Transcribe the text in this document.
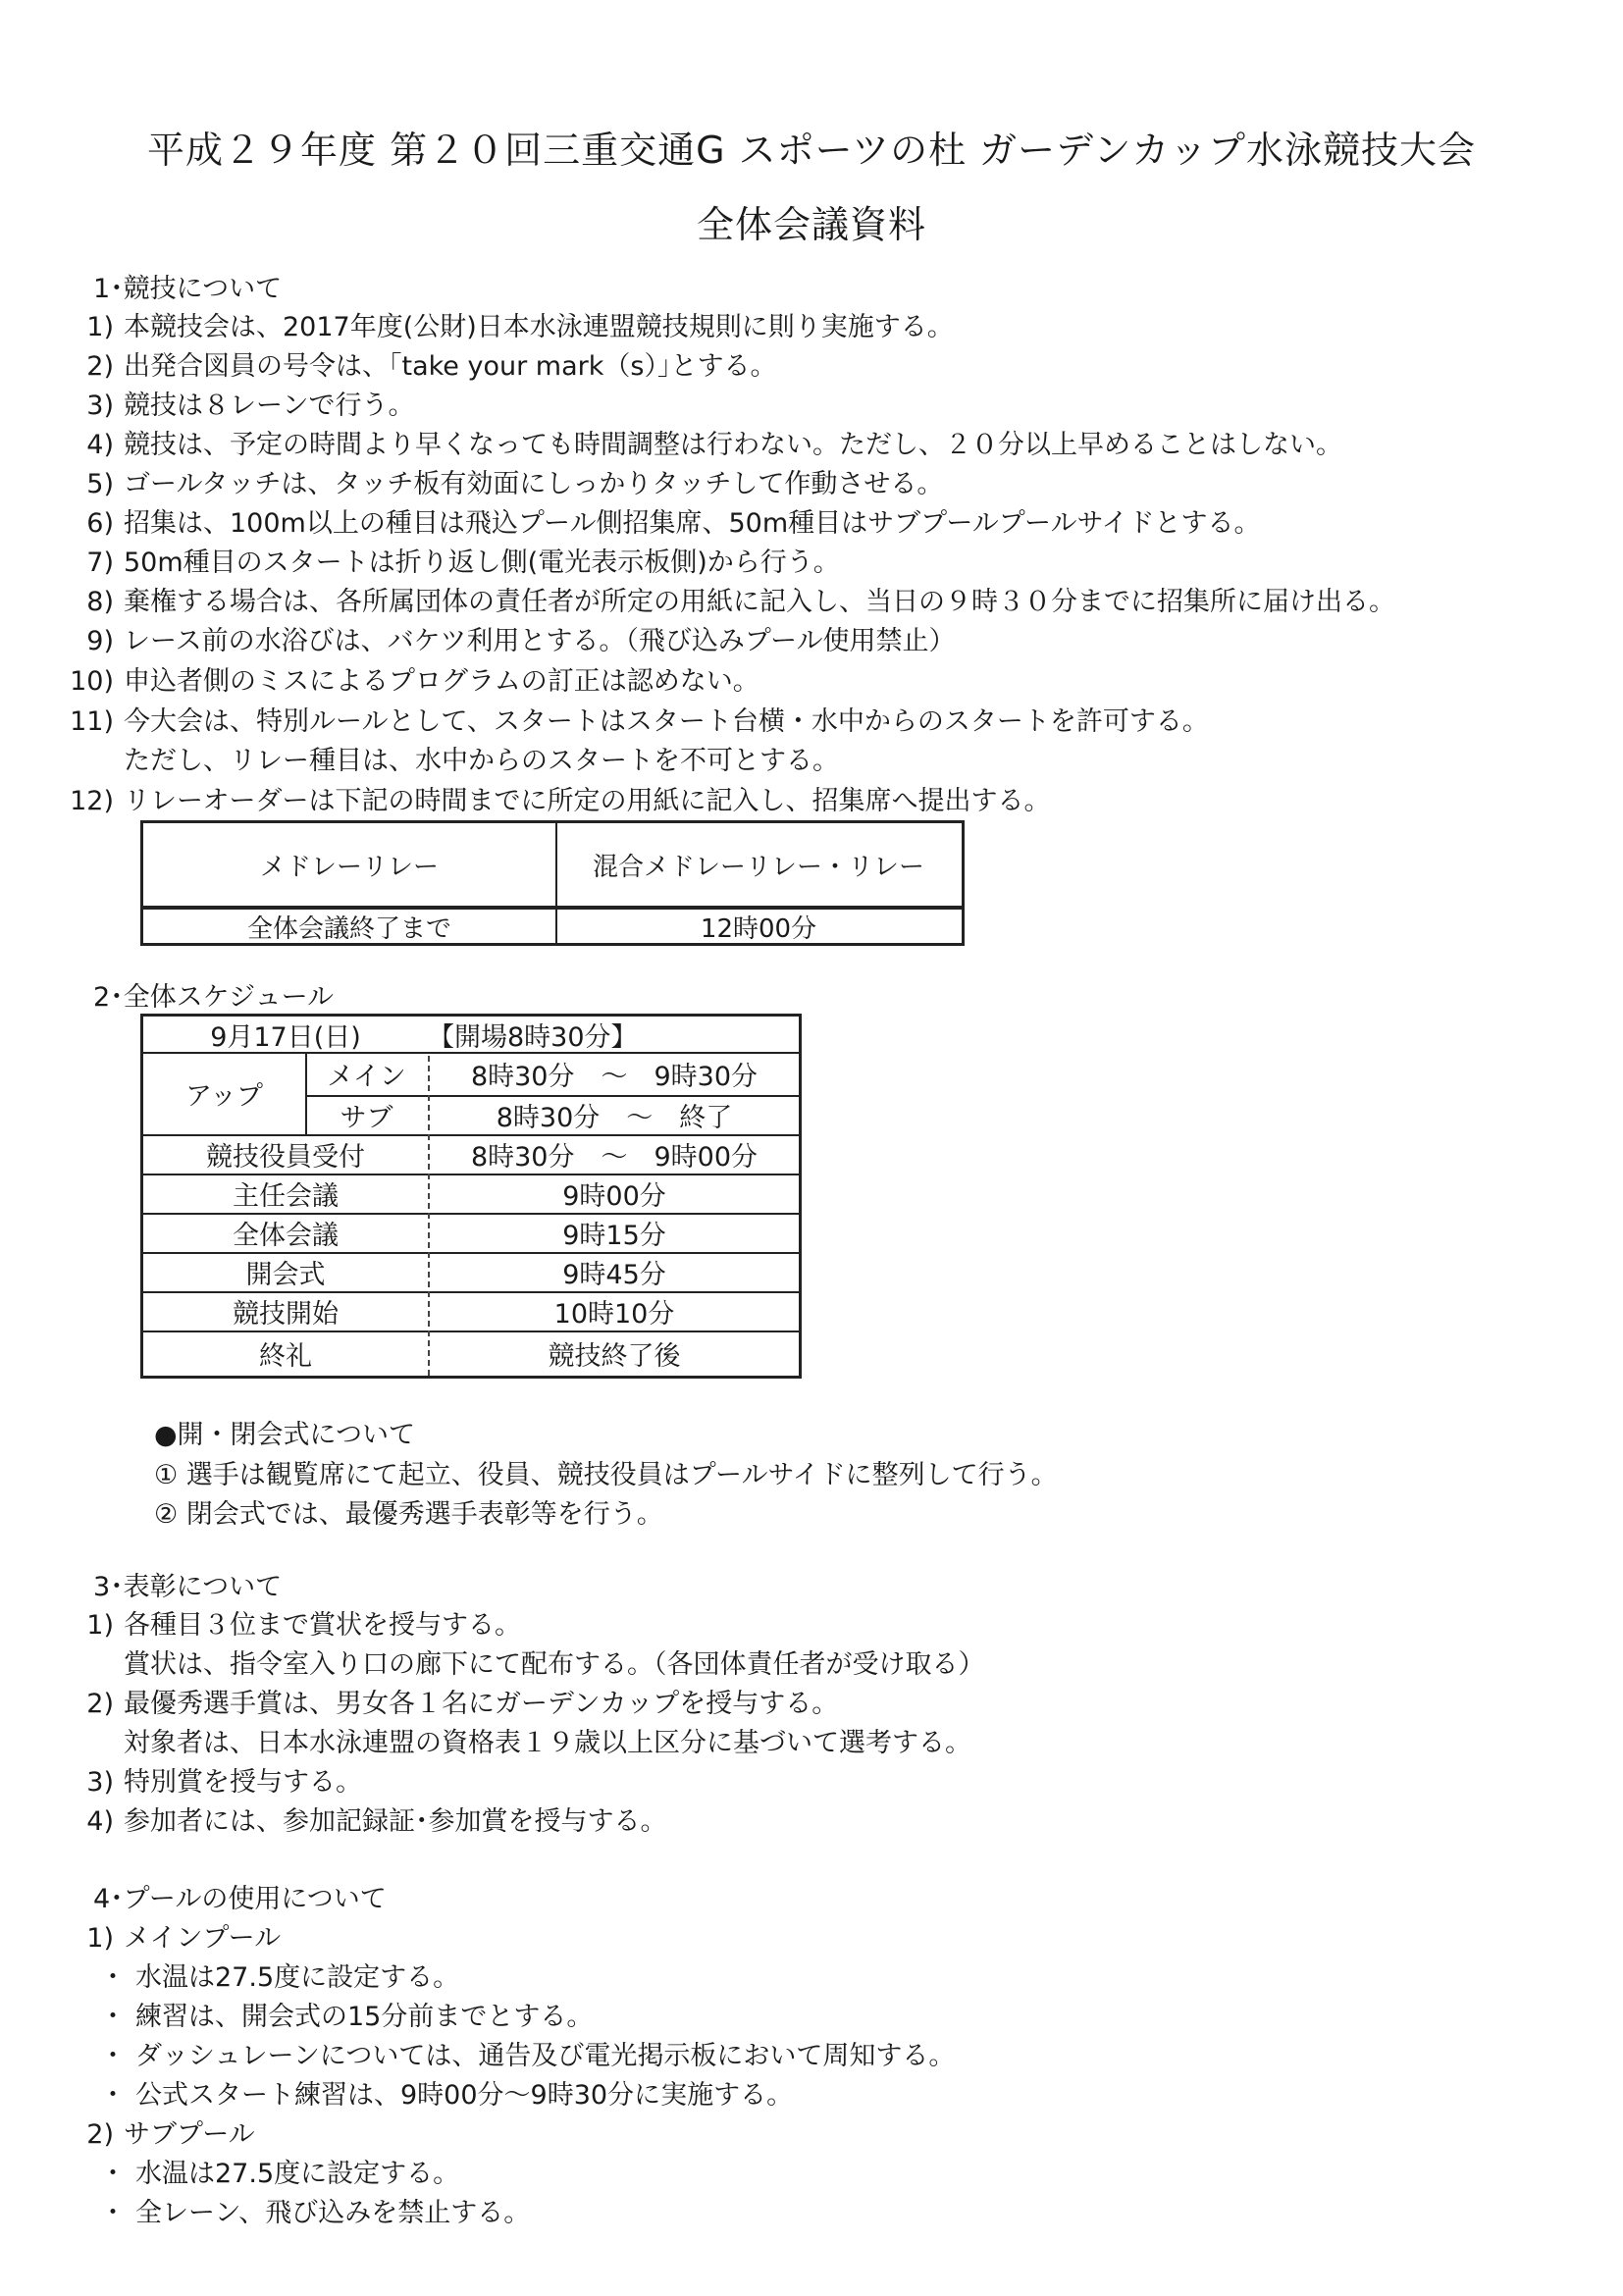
平成２９年度 第２０回三重交通G スポーツの杜 ガーデンカップ水泳競技大会
全体会議資料
1･競技について
1) 本競技会は、2017年度(公財)日本水泳連盟競技規則に則り実施する。
2) 出発合図員の号令は、｢take your mark（s）｣とする。
3) 競技は８レーンで行う。
4) 競技は、予定の時間より早くなっても時間調整は行わない。ただし、２０分以上早めることはしない。
5) ゴールタッチは、タッチ板有効面にしっかりタッチして作動させる。
6) 招集は、100m以上の種目は飛込プール側招集席、50m種目はサブプールプールサイドとする。
7) 50m種目のスタートは折り返し側(電光表示板側)から行う。
8) 棄権する場合は、各所属団体の責任者が所定の用紙に記入し、当日の９時３０分までに招集所に届け出る。
9) レース前の水浴びは、バケツ利用とする。（飛び込みプール使用禁止）
10) 申込者側のミスによるプログラムの訂正は認めない。
11) 今大会は、特別ルールとして、スタートはスタート台横・水中からのスタートを許可する。
ただし、リレー種目は、水中からのスタートを不可とする。
12) リレーオーダーは下記の時間までに所定の用紙に記入し、招集席へ提出する。
メドレーリレー	混合メドレーリレー・リレー
全体会議終了まで	12時00分
2･全体スケジュール
9月17日(日)	【開場8時30分】
アップ
メイン	8時30分　～　9時30分
サブ	8時30分　～　終了
競技役員受付	8時30分　～　9時00分
主任会議	9時00分
全体会議	9時15分
開会式	9時45分
競技開始	10時10分
終礼	競技終了後
●開・閉会式について
① 選手は観覧席にて起立、役員、競技役員はプールサイドに整列して行う。
② 閉会式では、最優秀選手表彰等を行う。
3･表彰について
1) 各種目３位まで賞状を授与する。
賞状は、指令室入り口の廊下にて配布する。（各団体責任者が受け取る）
2) 最優秀選手賞は、男女各１名にガーデンカップを授与する。
対象者は、日本水泳連盟の資格表１９歳以上区分に基づいて選考する。
3) 特別賞を授与する。
4) 参加者には、参加記録証･参加賞を授与する。
4･プールの使用について
1) メインプール
・ 水温は27.5度に設定する。
・ 練習は、開会式の15分前までとする。
・ ダッシュレーンについては、通告及び電光掲示板において周知する。
・ 公式スタート練習は、9時00分～9時30分に実施する。
2) サブプール
・ 水温は27.5度に設定する。
・ 全レーン、飛び込みを禁止する。
